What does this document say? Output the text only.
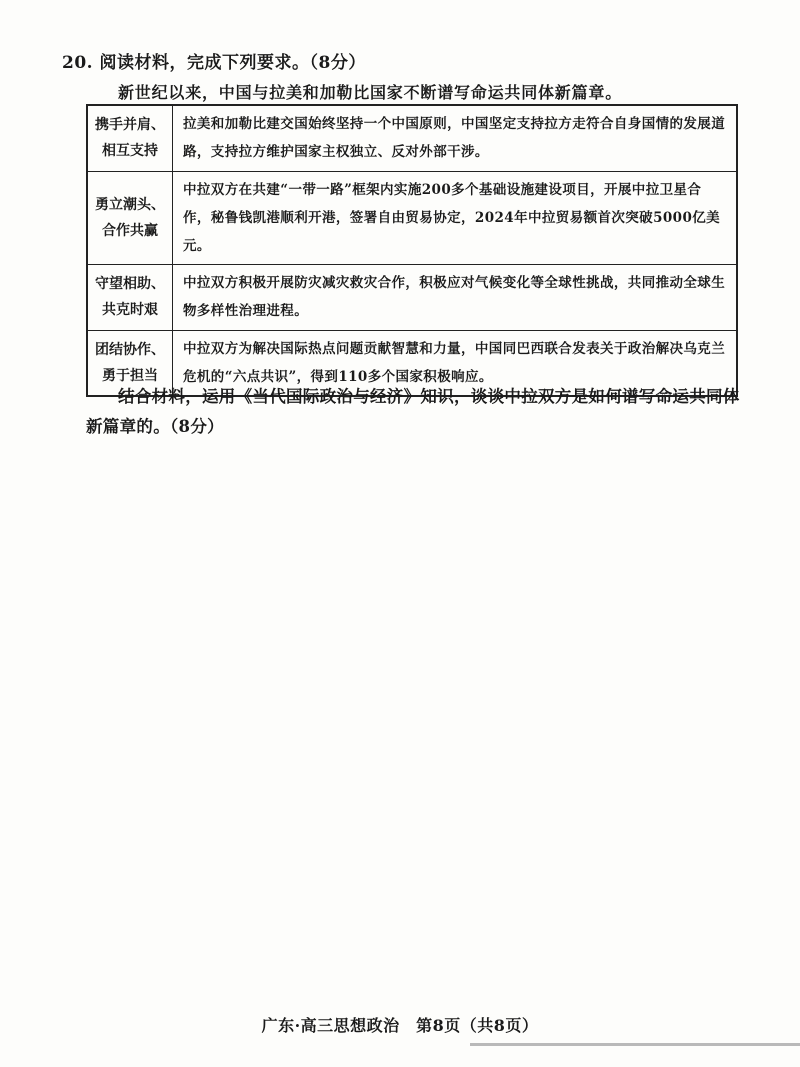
20. 阅读材料，完成下列要求。（8分）
新世纪以来，中国与拉美和加勒比国家不断谱写命运共同体新篇章。
携手并肩、
相互支持	拉美和加勒比建交国始终坚持一个中国原则，中国坚定支持拉方走符合自身国情的发展道路，支持拉方维护国家主权独立、反对外部干涉。

勇立潮头、
合作共赢	中拉双方在共建“一带一路”框架内实施200多个基础设施建设项目，开展中拉卫星合作，秘鲁钱凯港顺利开港，签署自由贸易协定，2024年中拉贸易额首次突破5000亿美元。

守望相助、
共克时艰	中拉双方积极开展防灾减灾救灾合作，积极应对气候变化等全球性挑战，共同推动全球生物多样性治理进程。

团结协作、
勇于担当	中拉双方为解决国际热点问题贡献智慧和力量，中国同巴西联合发表关于政治解决乌克兰危机的“六点共识”，得到110多个国家积极响应。
结合材料，运用《当代国际政治与经济》知识，谈谈中拉双方是如何谱写命运共同体新篇章的。（8分）
广东·高三思想政治　第8页（共8页）
